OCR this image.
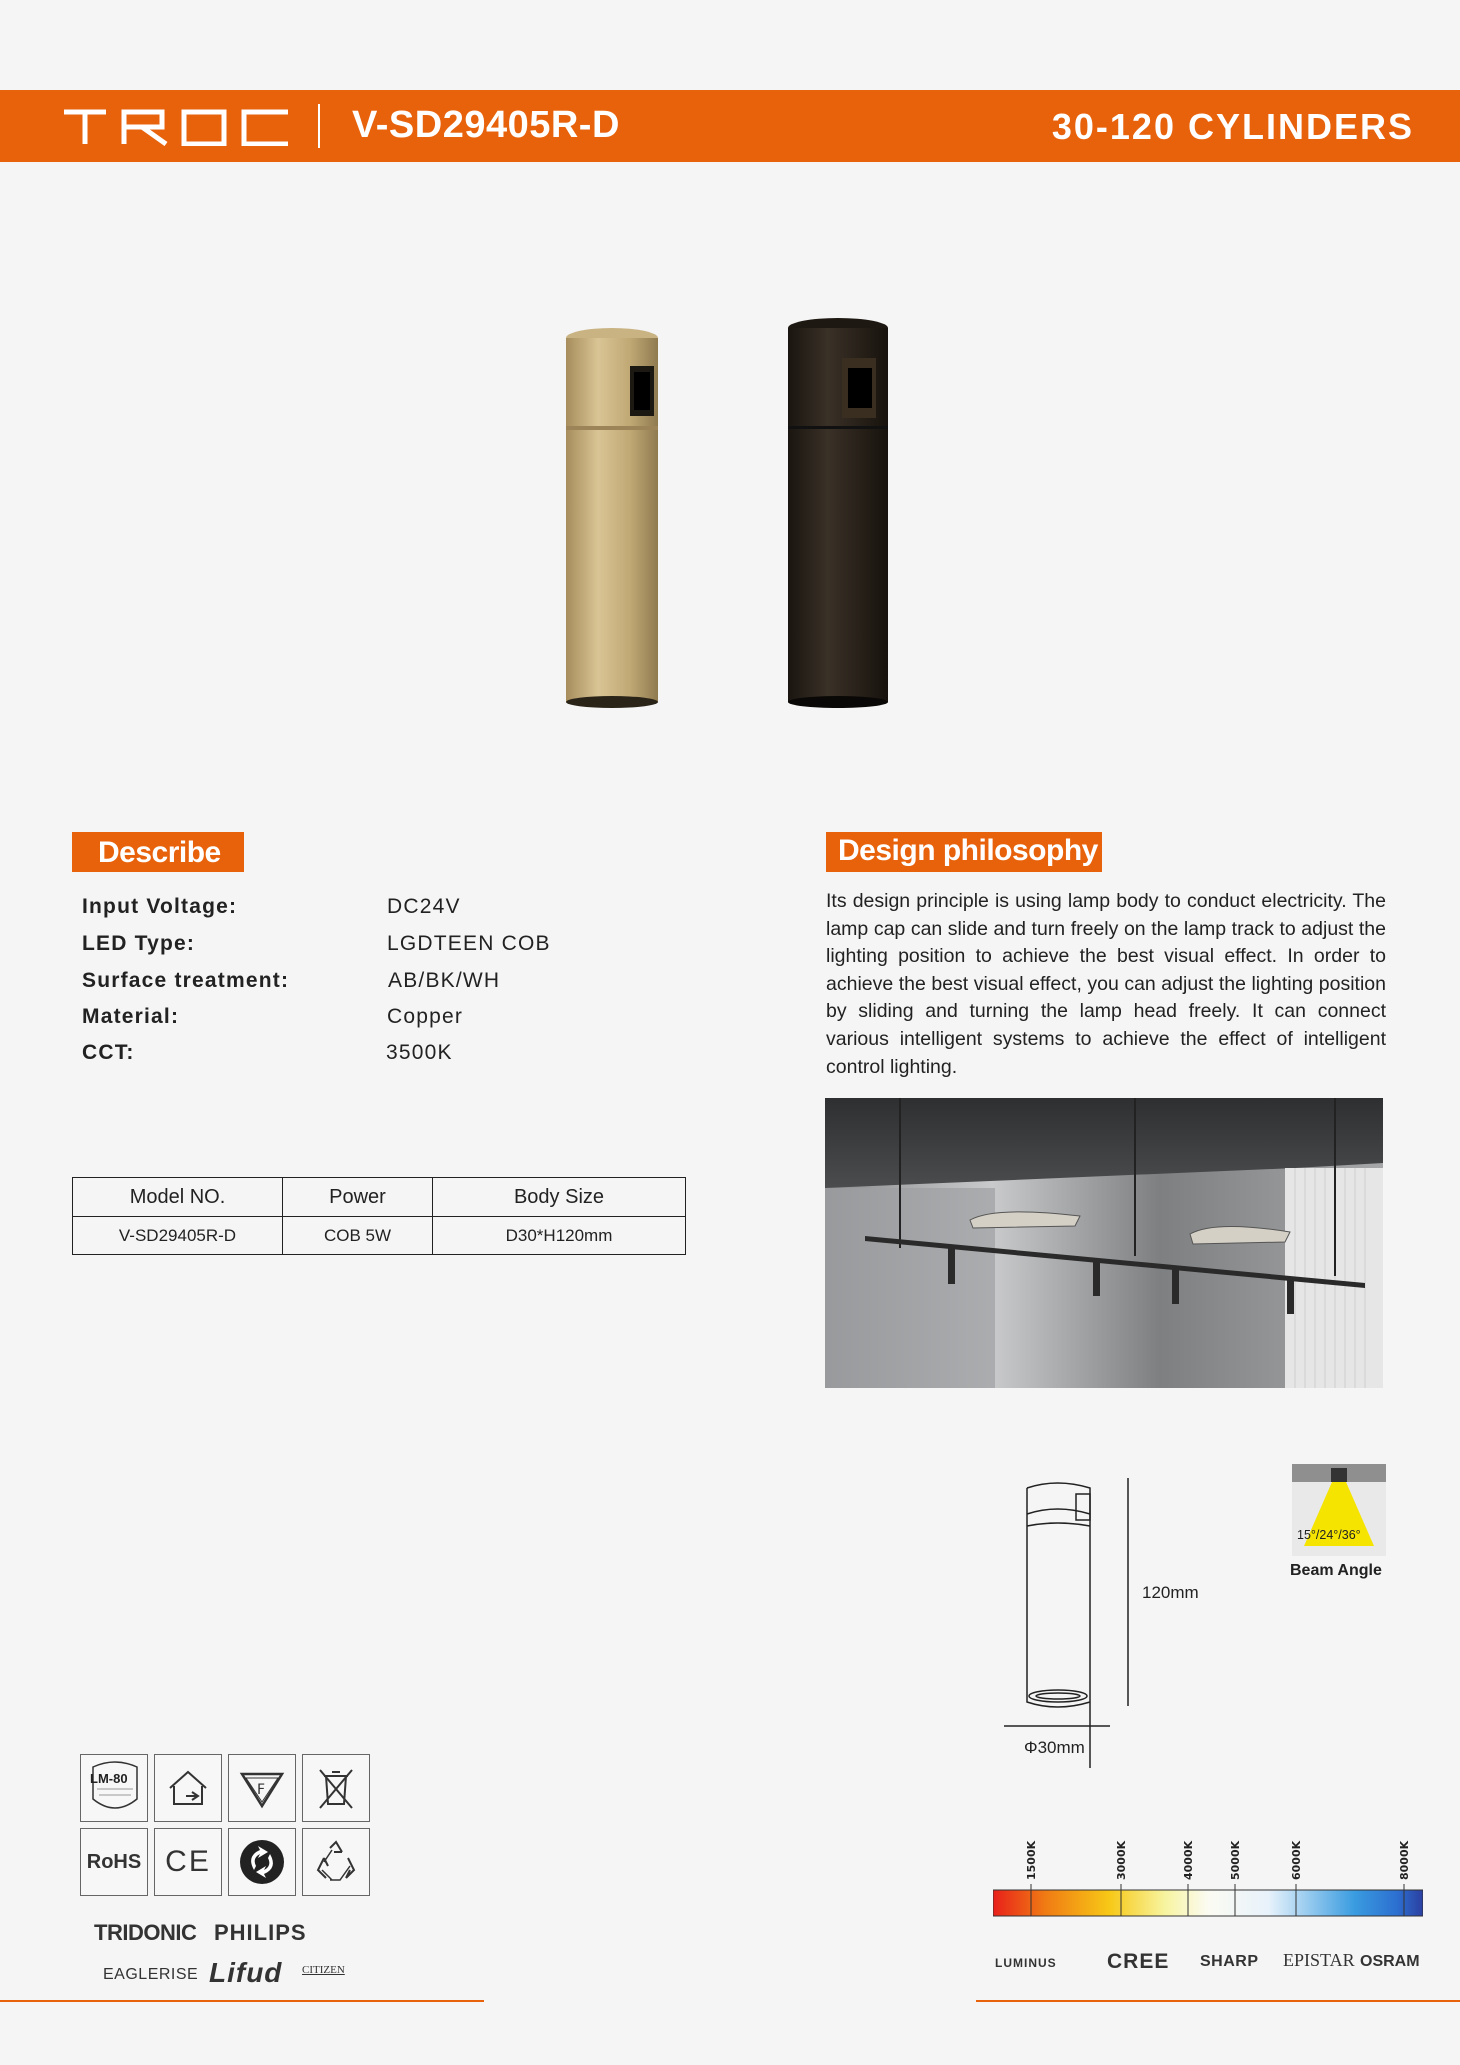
V-SD29405R-D	30-120 CYLINDERS
Describe
Input Voltage:	DC24V
LED Type:	LGDTEEN COB
Surface treatment:	AB/BK/WH
Material:	Copper
CCT:	3500K
Model NO.	Power	Body Size
V-SD29405R-D	COB 5W	D30*H120mm
Design philosophy
Its design principle is using lamp body to conduct electricity. The lamp cap can slide and turn freely on the lamp track to adjust the lighting position to achieve the best visual effect. In order to achieve the best visual effect, you can adjust the lighting position by sliding and turning the lamp head freely. It can connect various intelligent systems to achieve the effect of intelligent control lighting.
120mm
Φ30mm
15°/24°/36°
Beam Angle
LM-80
F
RoHS CE
TRIDONIC PHILIPS
EAGLERISE Lifud CITIZEN
1500K	3000K	4000K	5000K	6000K	8000K
LUMINUS CREE SHARP EPISTAR OSRAM
